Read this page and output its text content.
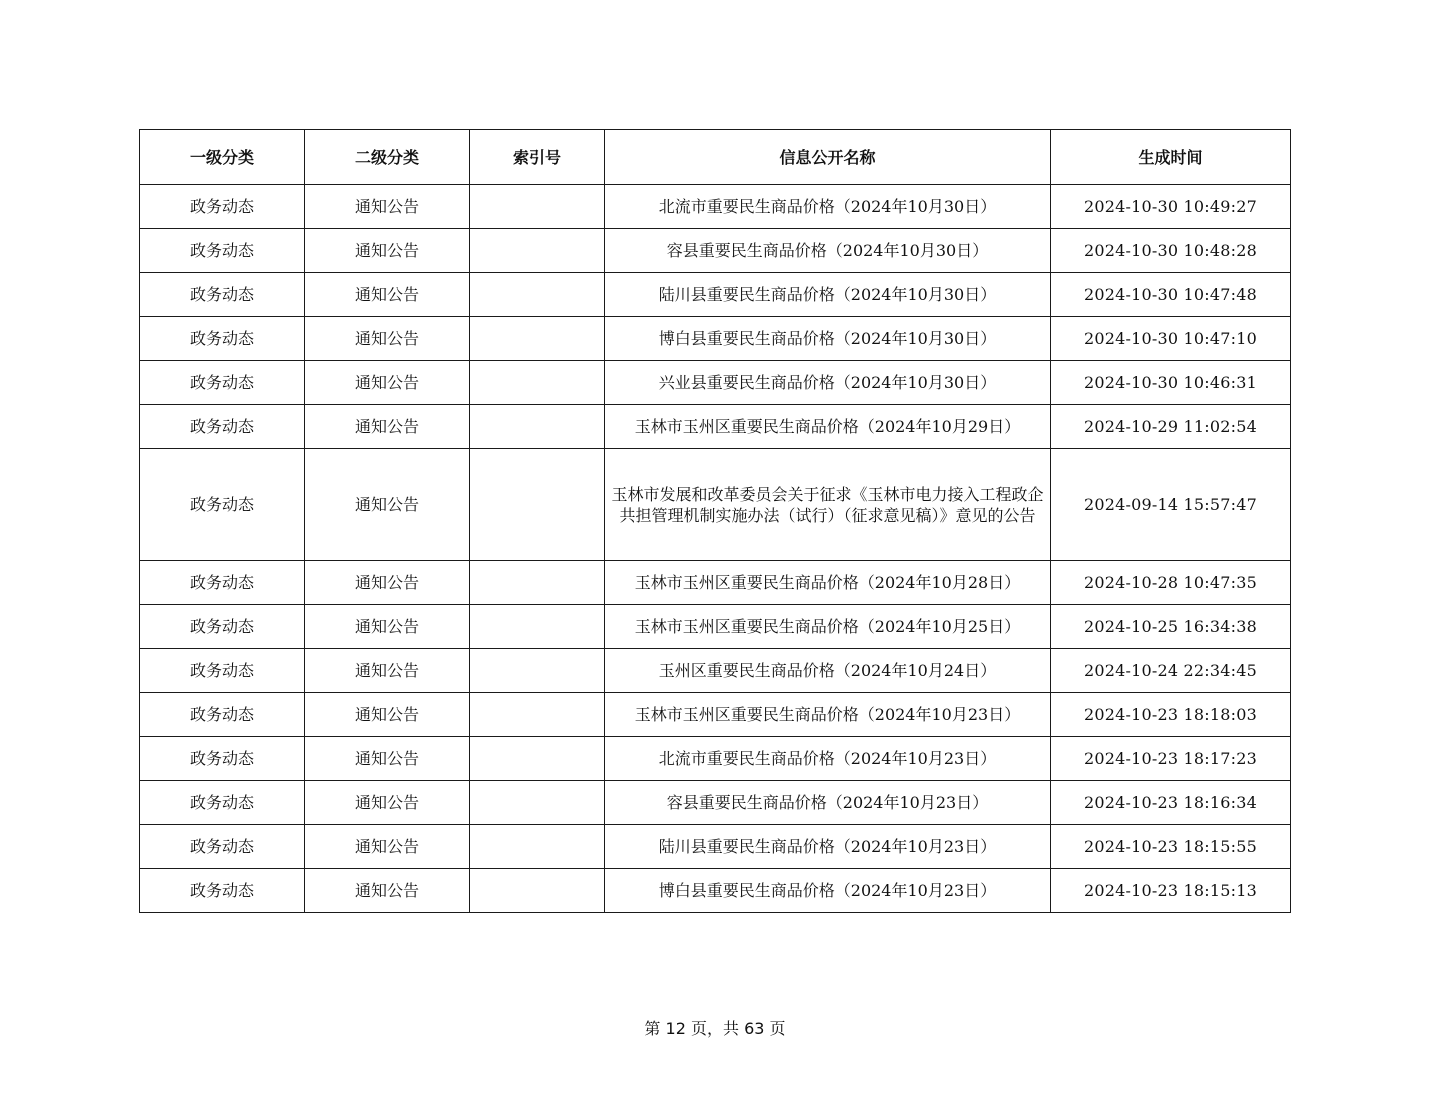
一级分类	二级分类	索引号	信息公开名称	生成时间
政务动态	通知公告		北流市重要民生商品价格（2024年10月30日）	2024-10-30 10:49:27
政务动态	通知公告		容县重要民生商品价格（2024年10月30日）	2024-10-30 10:48:28
政务动态	通知公告		陆川县重要民生商品价格（2024年10月30日）	2024-10-30 10:47:48
政务动态	通知公告		博白县重要民生商品价格（2024年10月30日）	2024-10-30 10:47:10
政务动态	通知公告		兴业县重要民生商品价格（2024年10月30日）	2024-10-30 10:46:31
政务动态	通知公告		玉林市玉州区重要民生商品价格（2024年10月29日）	2024-10-29 11:02:54
政务动态	通知公告		玉林市发展和改革委员会关于征求《玉林市电力接入工程政企共担管理机制实施办法（试行）（征求意见稿）》意见的公告	2024-09-14 15:57:47
政务动态	通知公告		玉林市玉州区重要民生商品价格（2024年10月28日）	2024-10-28 10:47:35
政务动态	通知公告		玉林市玉州区重要民生商品价格（2024年10月25日）	2024-10-25 16:34:38
政务动态	通知公告		玉州区重要民生商品价格（2024年10月24日）	2024-10-24 22:34:45
政务动态	通知公告		玉林市玉州区重要民生商品价格（2024年10月23日）	2024-10-23 18:18:03
政务动态	通知公告		北流市重要民生商品价格（2024年10月23日）	2024-10-23 18:17:23
政务动态	通知公告		容县重要民生商品价格（2024年10月23日）	2024-10-23 18:16:34
政务动态	通知公告		陆川县重要民生商品价格（2024年10月23日）	2024-10-23 18:15:55
政务动态	通知公告		博白县重要民生商品价格（2024年10月23日）	2024-10-23 18:15:13
第 12 页，共 63 页
